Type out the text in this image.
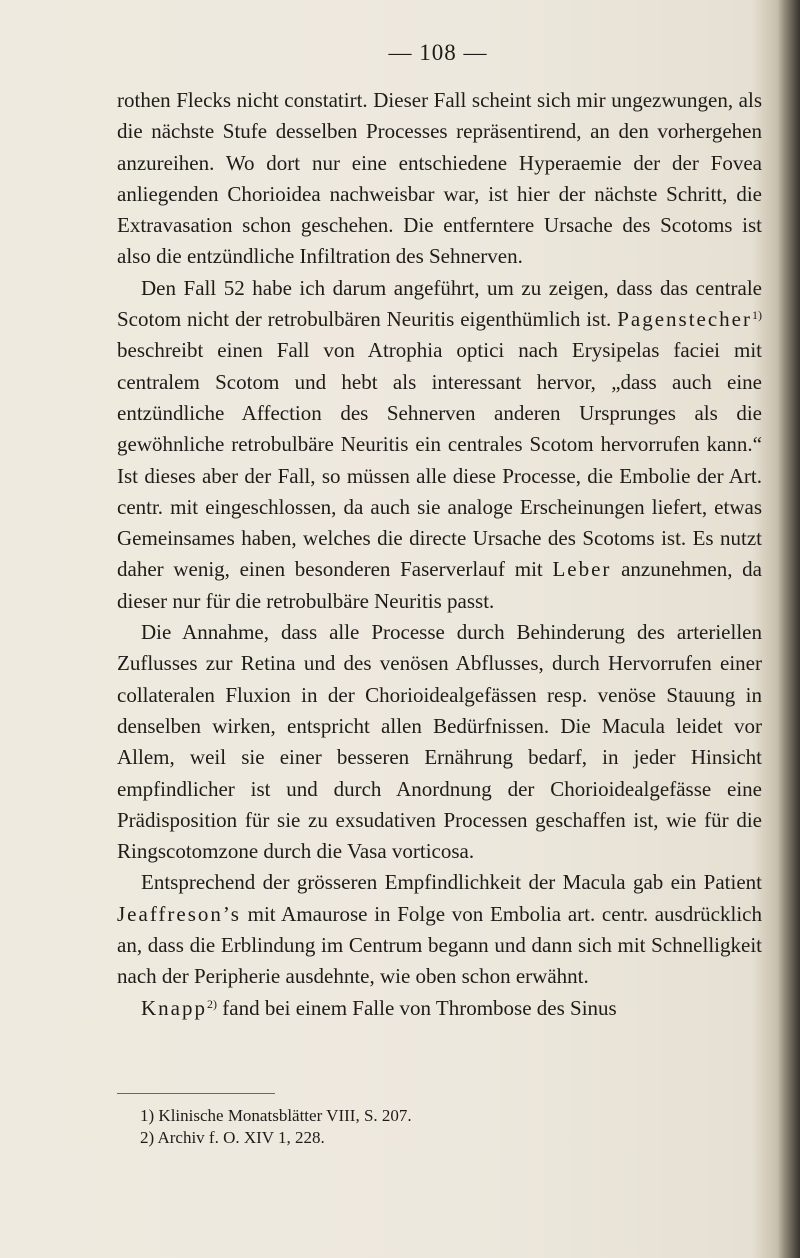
— 108 —

rothen Flecks nicht constatirt. Dieser Fall scheint sich mir ungezwungen, als die nächste Stufe desselben Processes repräsentirend, an den vorhergehen anzureihen. Wo dort nur eine entschiedene Hyperaemie der der Fovea anliegenden Chorioidea nachweisbar war, ist hier der nächste Schritt, die Extravasation schon geschehen. Die entferntere Ursache des Scotoms ist also die entzündliche Infiltration des Sehnerven.

Den Fall 52 habe ich darum angeführt, um zu zeigen, dass das centrale Scotom nicht der retrobulbären Neuritis eigenthümlich ist. Pagenstecher$^{1)}$ beschreibt einen Fall von Atrophia optici nach Erysipelas faciei mit centralem Scotom und hebt als interessant hervor, „dass auch eine entzündliche Affection des Sehnerven anderen Ursprunges als die gewöhnliche retrobulbäre Neuritis ein centrales Scotom hervorrufen kann.“ Ist dieses aber der Fall, so müssen alle diese Processe, die Embolie der Art. centr. mit eingeschlossen, da auch sie analoge Erscheinungen liefert, etwas Gemeinsames haben, welches die directe Ursache des Scotoms ist. Es nutzt daher wenig, einen besonderen Faserverlauf mit Leber anzunehmen, da dieser nur für die retrobulbäre Neuritis passt.

Die Annahme, dass alle Processe durch Behinderung des arteriellen Zuflusses zur Retina und des venösen Abflusses, durch Hervorrufen einer collateralen Fluxion in der Chorioidealgefässen resp. venöse Stauung in denselben wirken, entspricht allen Bedürfnissen. Die Macula leidet vor Allem, weil sie einer besseren Ernährung bedarf, in jeder Hinsicht empfindlicher ist und durch Anordnung der Chorioidealgefässe eine Prädisposition für sie zu exsudativen Processen geschaffen ist, wie für die Ringscotomzone durch die Vasa vorticosa.

Entsprechend der grösseren Empfindlichkeit der Macula gab ein Patient Jeaffreson’s mit Amaurose in Folge von Embolia art. centr. ausdrücklich an, dass die Erblindung im Centrum begann und dann sich mit Schnelligkeit nach der Peripherie ausdehnte, wie oben schon erwähnt.

Knapp$^{2)}$ fand bei einem Falle von Thrombose des Sinus

1) Klinische Monatsblätter VIII, S. 207.
2) Archiv f. O. XIV 1, 228.
